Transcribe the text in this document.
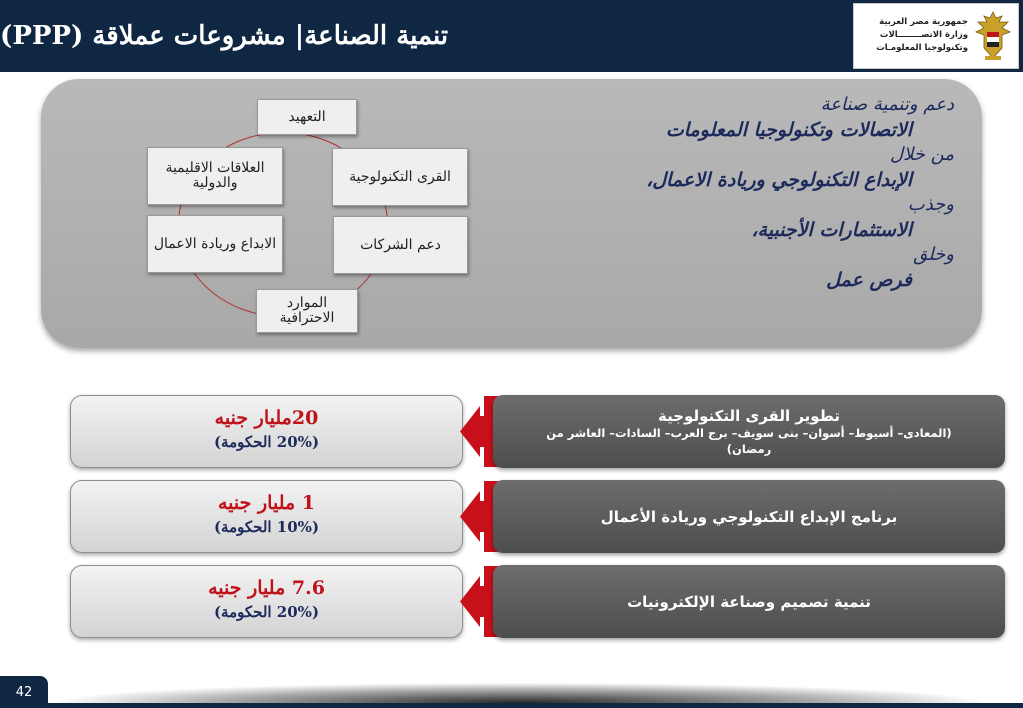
تنمية الصناعة| مشروعات عملاقة (PPP)	جمهورية مصر العربية
وزارة الاتصــــــــالات
وتكنولوجيا المعلومـات
دعم وتنمية صناعة
الاتصالات وتكنولوجيا المعلومات
من خلال
الإبداع التكنولوجي وريادة الاعمال،
وجذب
الاستثمارات الأجنبية،
وخلق
فرص عمل
التعهيد
القرى التكنولوجية
دعم الشركات
الموارد الاحترافية
الابداع وريادة الاعمال
العلاقات الاقليمية والدولية
20مليار جنيه
(20% الحكومة)
تطوير القرى التكنولوجية
(المعادى– أسيوط– أسوان– بنى سويف– برج العرب– السادات– العاشر من رمضان)
1 مليار جنيه
(10% الحكومة)
برنامج الإبداع التكنولوجي وريادة الأعمال
7.6 مليار جنيه
(20% الحكومة)
تنمية تصميم وصناعة الإلكترونيات
42
